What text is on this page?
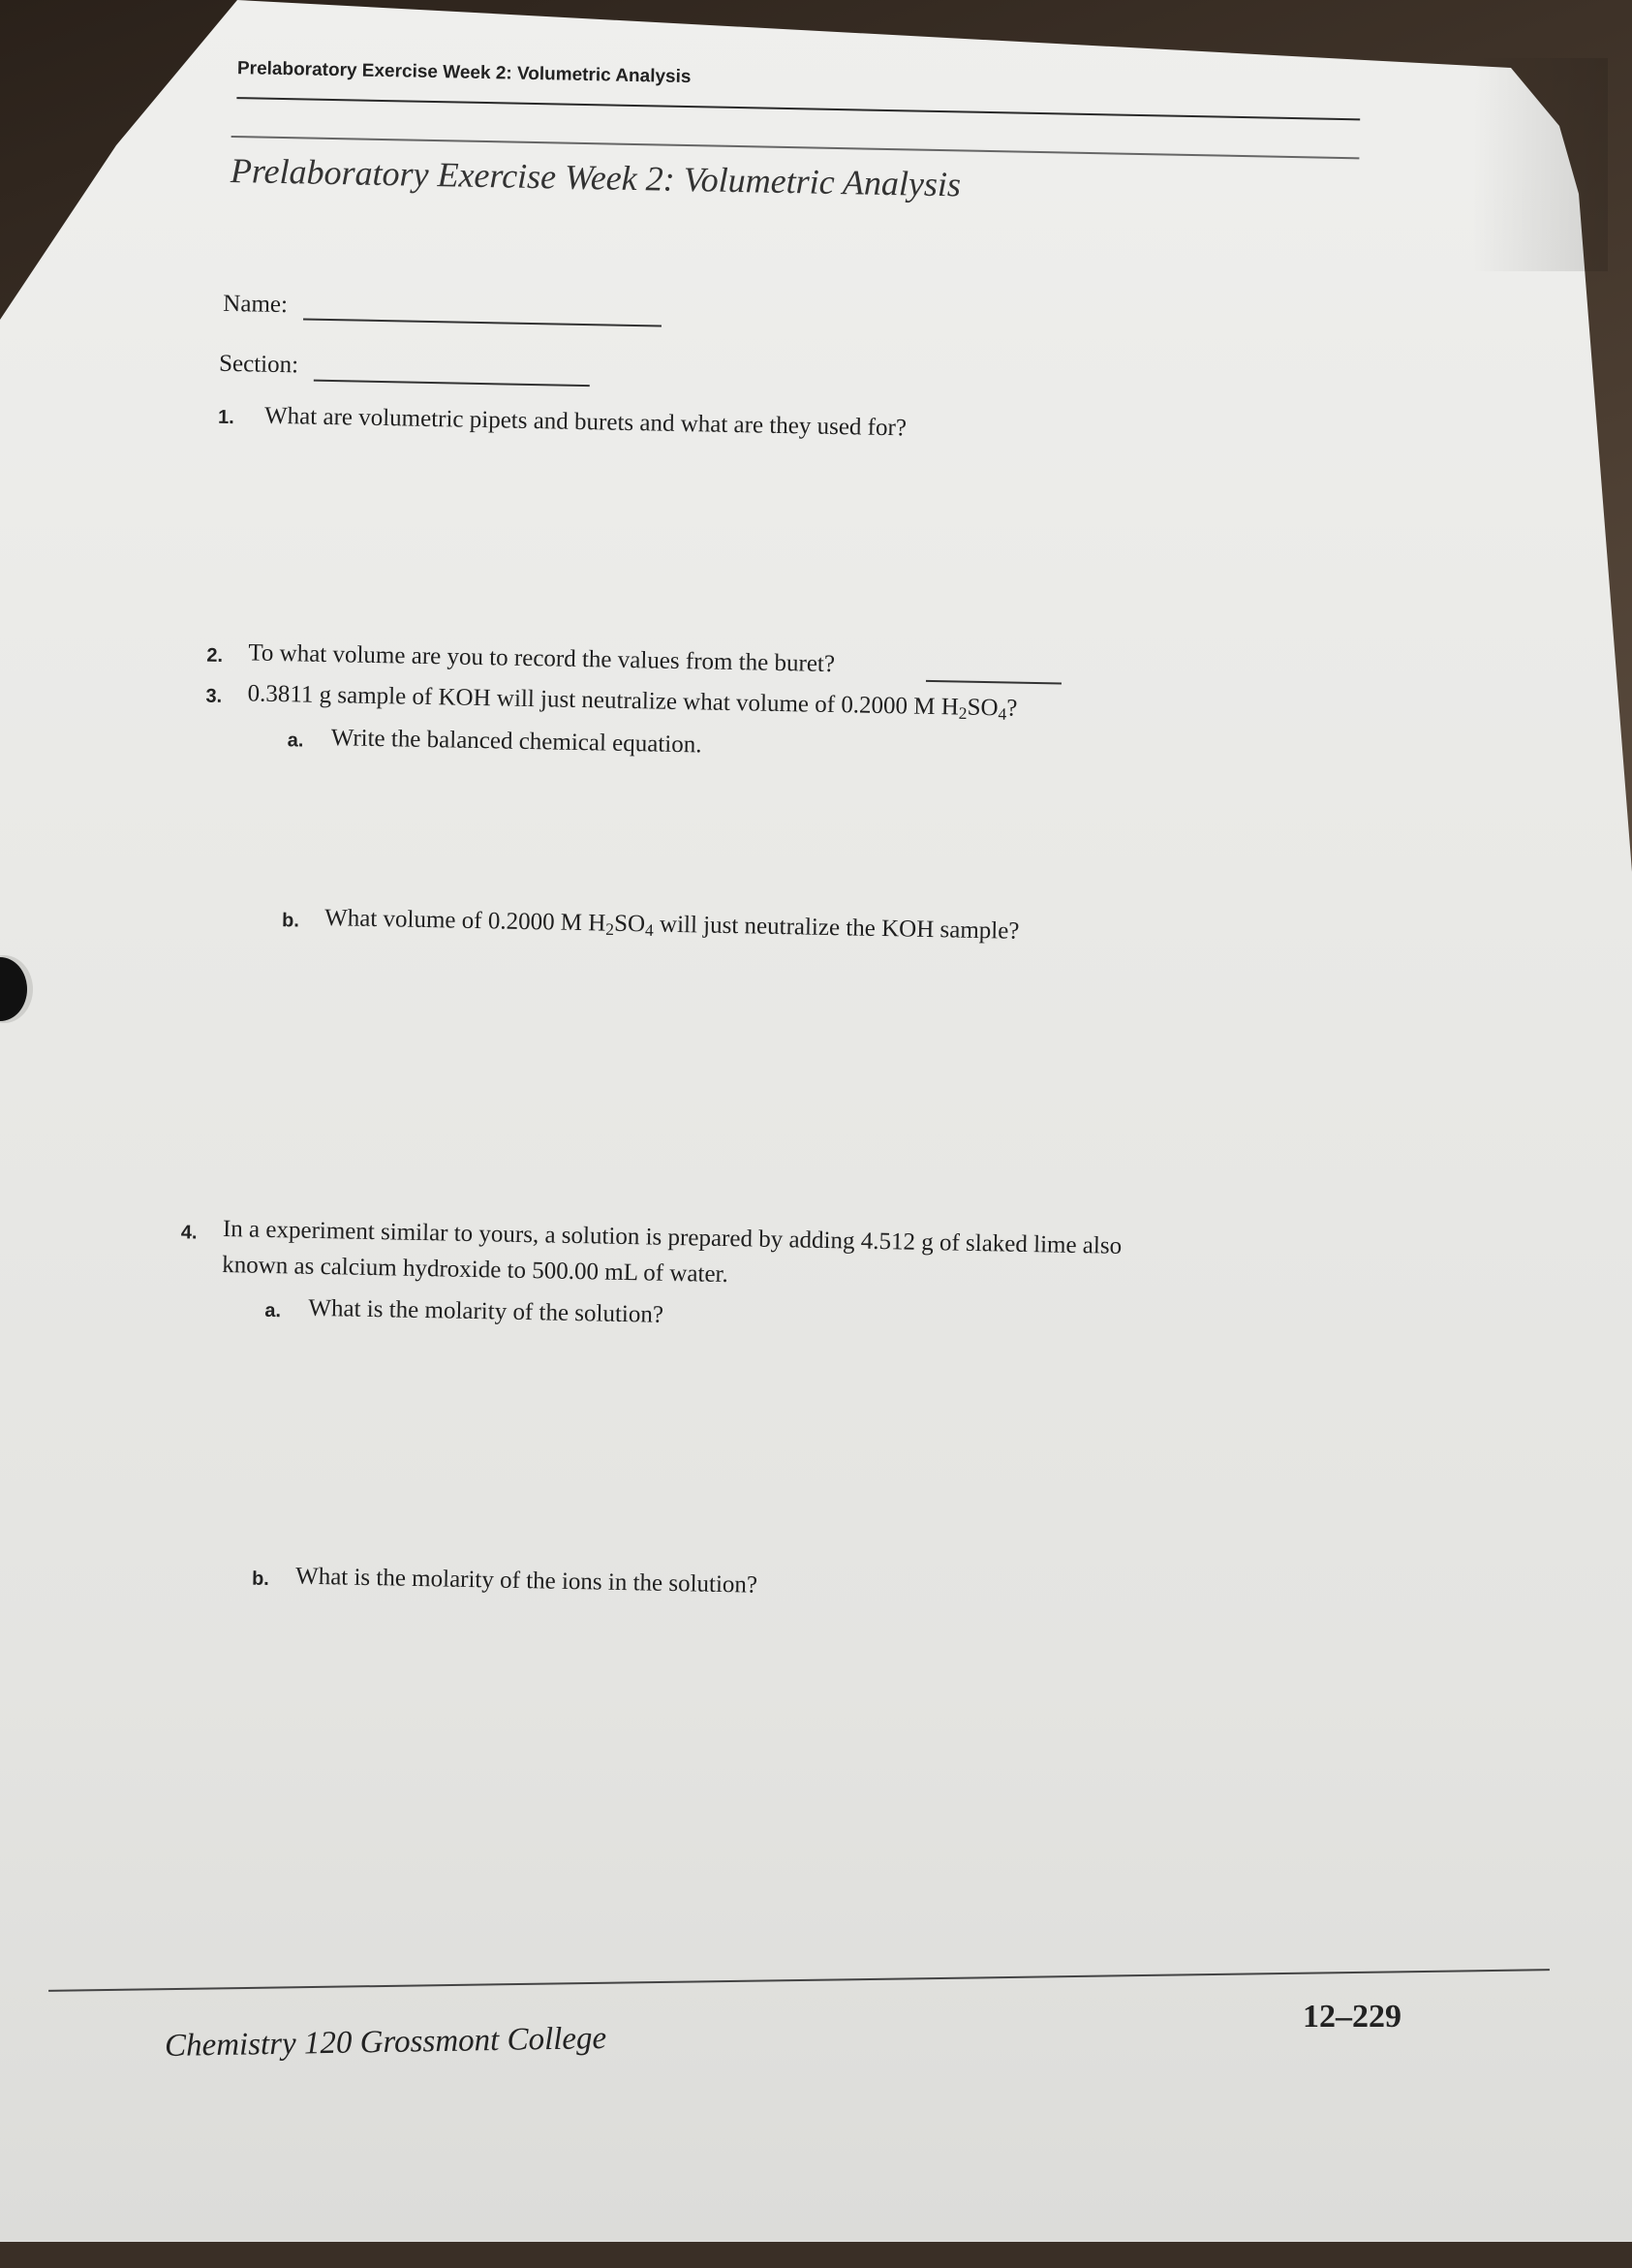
Prelaboratory Exercise Week 2: Volumetric Analysis
Prelaboratory Exercise Week 2: Volumetric Analysis
Name:
Section:
1. What are volumetric pipets and burets and what are they used for?
2. To what volume are you to record the values from the buret?
3. 0.3811 g sample of KOH will just neutralize what volume of 0.2000 M $H_2SO_4$?
a. Write the balanced chemical equation.
b. What volume of 0.2000 M $H_2SO_4$ will just neutralize the KOH sample?
4. In a experiment similar to yours, a solution is prepared by adding 4.512 g of slaked lime also
known as calcium hydroxide to 500.00 mL of water.
a. What is the molarity of the solution?
b. What is the molarity of the ions in the solution?
Chemistry 120 Grossmont College
12–229
